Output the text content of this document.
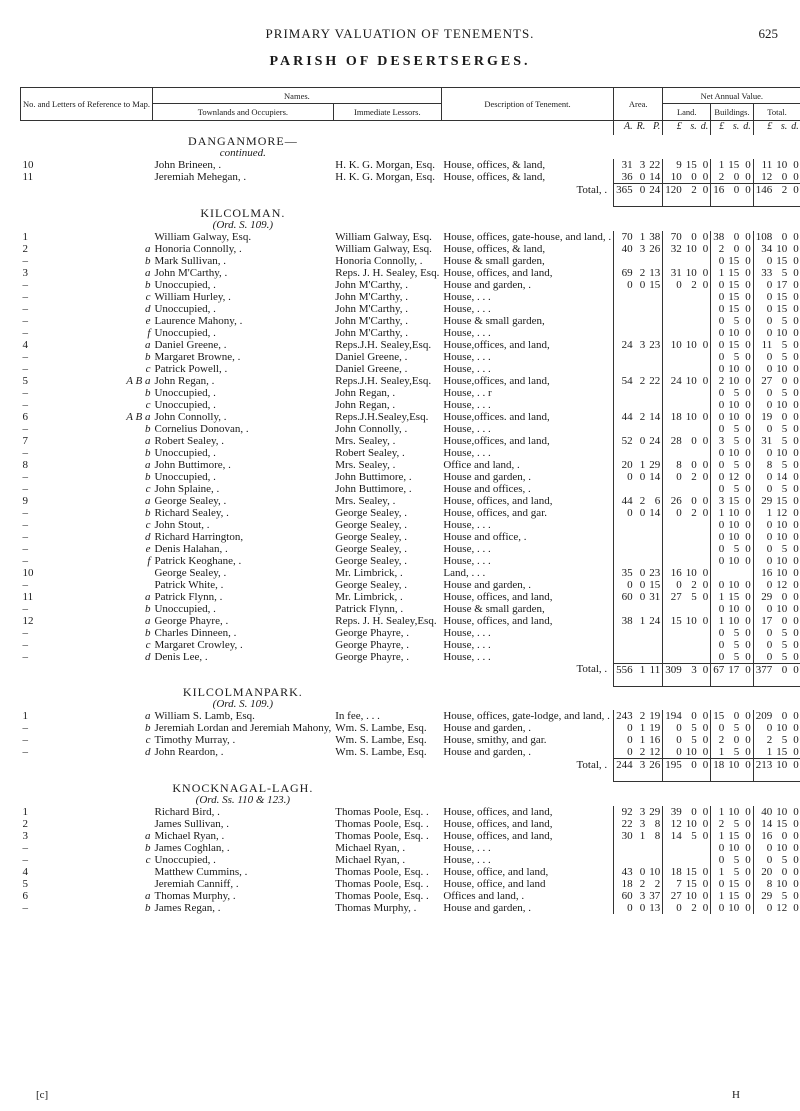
PRIMARY VALUATION OF TENEMENTS.	625
PARISH OF DESERTSERGES.
No. and Letters of Reference to Map.		Names.		Description of Tenement.	Area.			Net Annual Value.								
		Townlands and Occupiers.	Immediate Lessors.					Land.			Buildings.			Total.		
					A.	R.	P.	£	s.	d.	£	s.	d.	£	s.	d.
		DANGANMORE—														
		continued.														
10		John Brineen, .	H. K. G. Morgan, Esq.	House, offices, & land,	31	3	22	9	15	0	1	15	0	11	10	0
11		Jeremiah Mehegan, .	H. K. G. Morgan, Esq.	House, offices, & land,	36	0	14	10	0	0	2	0	0	12	0	0
				Total, .	365	0	24	120	2	0	16	0	0	146	2	0
		KILCOLMAN.														
		(Ord. S. 109.)														
1		William Galway, Esq.	William Galway, Esq.	House, offices, gate-house, and land, .	70	1	38	70	0	0	38	0	0	108	0	0
2	a	Honoria Connolly, .	William Galway, Esq.	House, offices, & land,	40	3	26	32	10	0	2	0	0	34	10	0
–	b	Mark Sullivan, .	Honoria Connolly, .	House & small garden,							0	15	0	0	15	0
3	a	John M'Carthy, .	Reps. J. H. Sealey, Esq.	House, offices, and land,	69	2	13	31	10	0	1	15	0	33	5	0
–	b	Unoccupied, .	John M'Carthy, .	House and garden, .	0	0	15	0	2	0	0	15	0	0	17	0
–	c	William Hurley, .	John M'Carthy, .	House, . . .							0	15	0	0	15	0
–	d	Unoccupied, .	John M'Carthy, .	House, . . .							0	15	0	0	15	0
–	e	Laurence Mahony, .	John M'Carthy, .	House & small garden,							0	5	0	0	5	0
–	f	Unoccupied, .	John M'Carthy, .	House, . . .							0	10	0	0	10	0
4	a	Daniel Greene, .	Reps.J.H. Sealey,Esq.	House,offices, and land,	24	3	23	10	10	0	0	15	0	11	5	0
–	b	Margaret Browne, .	Daniel Greene, .	House, . . .							0	5	0	0	5	0
–	c	Patrick Powell, .	Daniel Greene, .	House, . . .							0	10	0	0	10	0
5	A B a	John Regan, .	Reps.J.H. Sealey,Esq.	House,offices, and land,	54	2	22	24	10	0	2	10	0	27	0	0
–	b	Unoccupied, .	John Regan, .	House, . . r							0	5	0	0	5	0
–	c	Unoccupied, .	John Regan, .	House, . . .							0	10	0	0	10	0
6	A B a	John Connolly, .	Reps.J.H.Sealey,Esq.	House,offices. and land,	44	2	14	18	10	0	0	10	0	19	0	0
–	b	Cornelius Donovan, .	John Connolly, .	House, . . .							0	5	0	0	5	0
7	a	Robert Sealey, .	Mrs. Sealey, .	House,offices, and land,	52	0	24	28	0	0	3	5	0	31	5	0
–	b	Unoccupied, .	Robert Sealey, .	House, . . .							0	10	0	0	10	0
8	a	John Buttimore, .	Mrs. Sealey, .	Office and land, .	20	1	29	8	0	0	0	5	0	8	5	0
–	b	Unoccupied, .	John Buttimore, .	House and garden, .	0	0	14	0	2	0	0	12	0	0	14	0
–	c	John Splaine, .	John Buttimore, .	House and offices, .							0	5	0	0	5	0
9	a	George Sealey, .	Mrs. Sealey, .	House, offices, and land,	44	2	6	26	0	0	3	15	0	29	15	0
–	b	Richard Sealey, .	George Sealey, .	House, offices, and gar.	0	0	14	0	2	0	1	10	0	1	12	0
–	c	John Stout, .	George Sealey, .	House, . . .							0	10	0	0	10	0
–	d	Richard Harrington,	George Sealey, .	House and office, .							0	10	0	0	10	0
–	e	Denis Halahan, .	George Sealey, .	House, . . .							0	5	0	0	5	0
–	f	Patrick Keoghane, .	George Sealey, .	House, . . .							0	10	0	0	10	0
10		George Sealey, .	Mr. Limbrick, .	Land, . . .	35	0	23	16	10	0				16	10	0
–		Patrick White, .	George Sealey, .	House and garden, .	0	0	15	0	2	0	0	10	0	0	12	0
11	a	Patrick Flynn, .	Mr. Limbrick, .	House, offices, and land,	60	0	31	27	5	0	1	15	0	29	0	0
–	b	Unoccupied, .	Patrick Flynn, .	House & small garden,							0	10	0	0	10	0
12	a	George Phayre, .	Reps. J. H. Sealey,Esq.	House, offices, and land,	38	1	24	15	10	0	1	10	0	17	0	0
–	b	Charles Dinneen, .	George Phayre, .	House, . . .							0	5	0	0	5	0
–	c	Margaret Crowley, .	George Phayre, .	House, . . .							0	5	0	0	5	0
–	d	Denis Lee, .	George Phayre, .	House, . . .							0	5	0	0	5	0
				Total, .	556	1	11	309	3	0	67	17	0	377	0	0
		KILCOLMANPARK.														
		(Ord. S. 109.)														
1	a	William S. Lamb, Esq.	In fee, . . .	House, offices, gate-lodge, and land, .	243	2	19	194	0	0	15	0	0	209	0	0
–	b	Jeremiah Lordan and Jeremiah Mahony,	Wm. S. Lambe, Esq.	House and garden, .	0	1	19	0	5	0	0	5	0	0	10	0
–	c	Timothy Murray, .	Wm. S. Lambe, Esq.	House, smithy, and gar.	0	1	16	0	5	0	2	0	0	2	5	0
–	d	John Reardon, .	Wm. S. Lambe, Esq.	House and garden, .	0	2	12	0	10	0	1	5	0	1	15	0
				Total, .	244	3	26	195	0	0	18	10	0	213	10	0
		KNOCKNAGAL-LAGH.														
		(Ord. Ss. 110 & 123.)														
1		Richard Bird, .	Thomas Poole, Esq. .	House, offices, and land,	92	3	29	39	0	0	1	10	0	40	10	0
2		James Sullivan, .	Thomas Poole, Esq. .	House, offices, and land,	22	3	8	12	10	0	2	5	0	14	15	0
3	a	Michael Ryan, .	Thomas Poole, Esq. .	House, offices, and land,	30	1	8	14	5	0	1	15	0	16	0	0
–	b	James Coghlan, .	Michael Ryan, .	House, . . .							0	10	0	0	10	0
–	c	Unoccupied, .	Michael Ryan, .	House, . . .							0	5	0	0	5	0
4		Matthew Cummins, .	Thomas Poole, Esq. .	House, office, and land,	43	0	10	18	15	0	1	5	0	20	0	0
5		Jeremiah Canniff, .	Thomas Poole, Esq. .	House, office, and land	18	2	2	7	15	0	0	15	0	8	10	0
6	a	Thomas Murphy, .	Thomas Poole, Esq. .	Offices and land, .	60	3	37	27	10	0	1	15	0	29	5	0
–	b	James Regan, .	Thomas Murphy, .	House and garden, .	0	0	13	0	2	0	0	10	0	0	12	0
[c]	H
